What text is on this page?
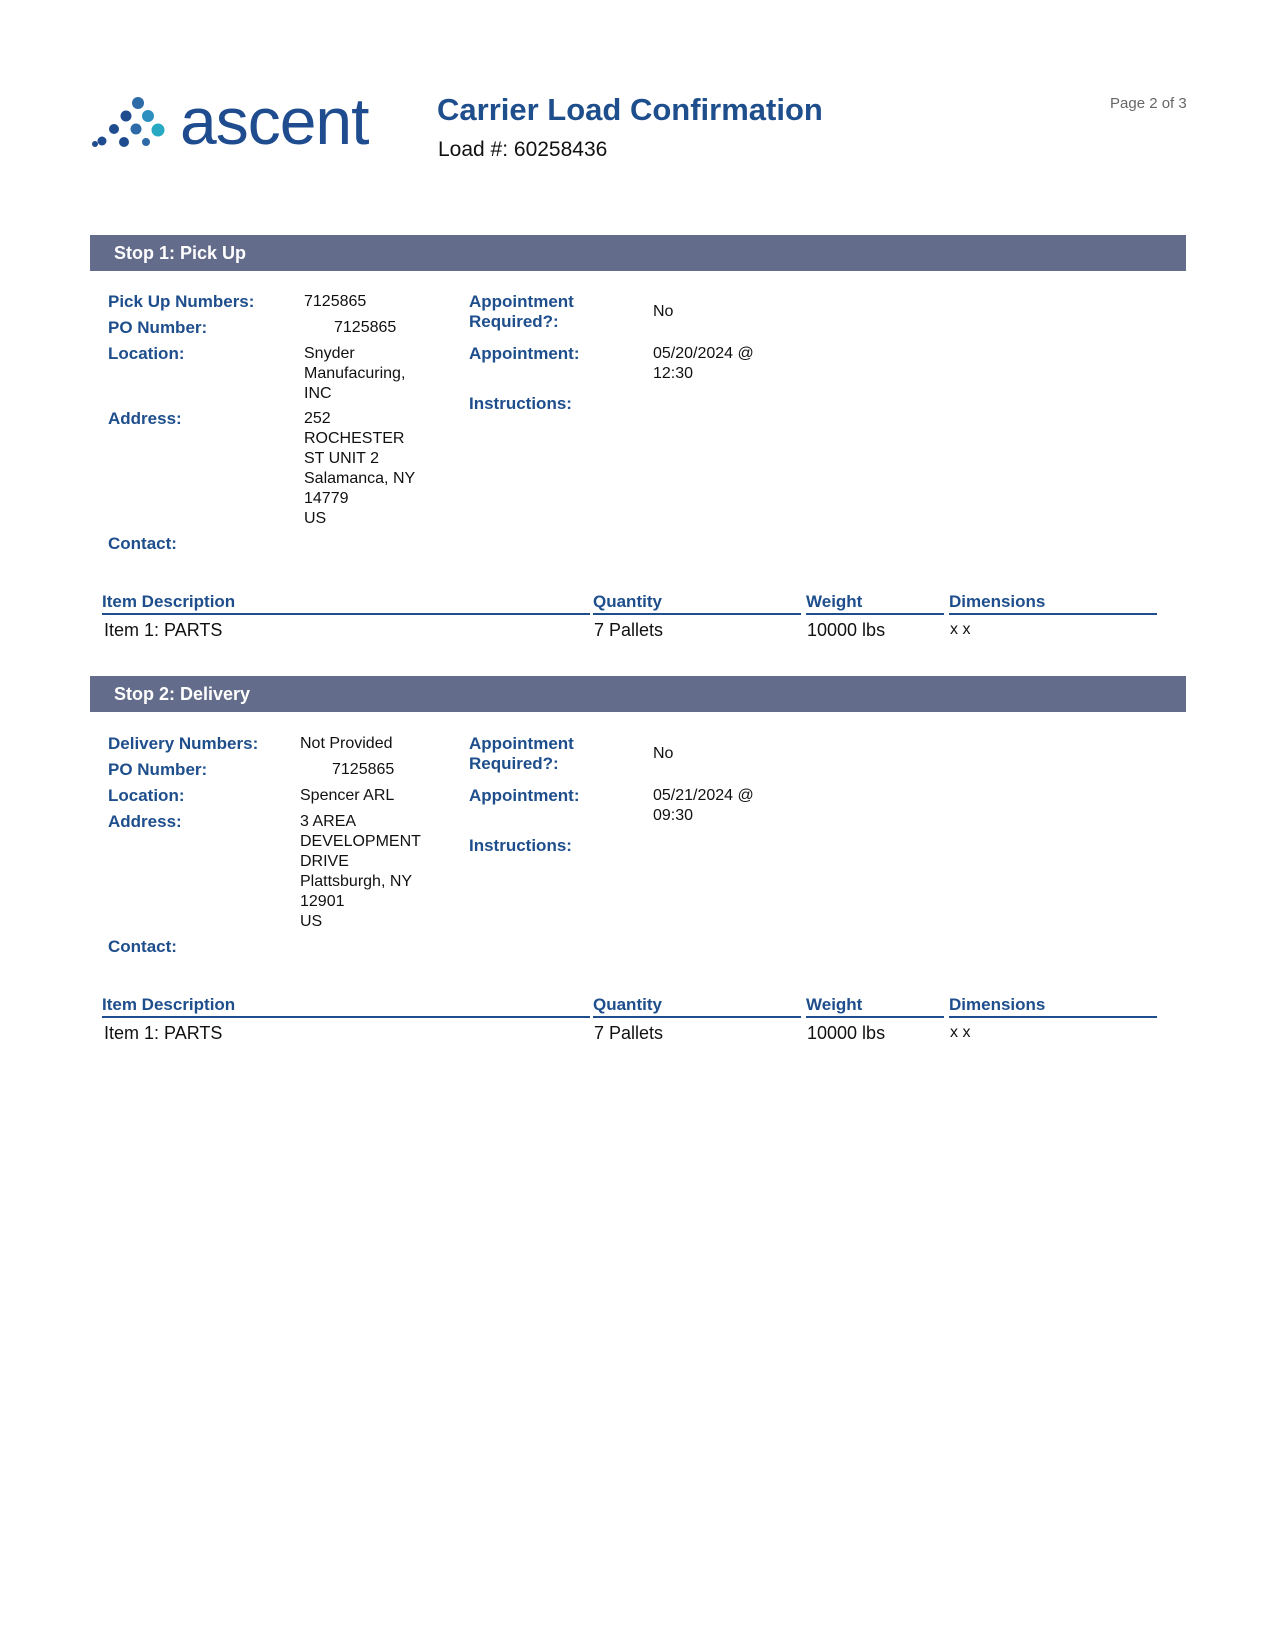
ascent Carrier Load Confirmation
Load #: 60258436
Page 2 of 3
Stop 1: Pick Up
Pick Up Numbers:	7125865
PO Number:	7125865
Location:	Snyder
Manufacuring,
INC
Address:	252
ROCHESTER
ST UNIT 2
Salamanca, NY
14779
US
Contact:
Appointment
Required?:
No
Appointment:	05/20/2024 @
12:30
Instructions:
Item Description	Quantity	Weight	Dimensions
Item 1: PARTS	7 Pallets	10000 lbs	x x
Stop 2: Delivery
Delivery Numbers:	Not Provided
PO Number:	7125865
Location:	Spencer ARL
Address:	3 AREA
DEVELOPMENT
DRIVE
Plattsburgh, NY
12901
US
Contact:
Appointment
Required?:
No
Appointment:	05/21/2024 @
09:30
Instructions:
Item Description	Quantity	Weight	Dimensions
Item 1: PARTS	7 Pallets	10000 lbs	x x
